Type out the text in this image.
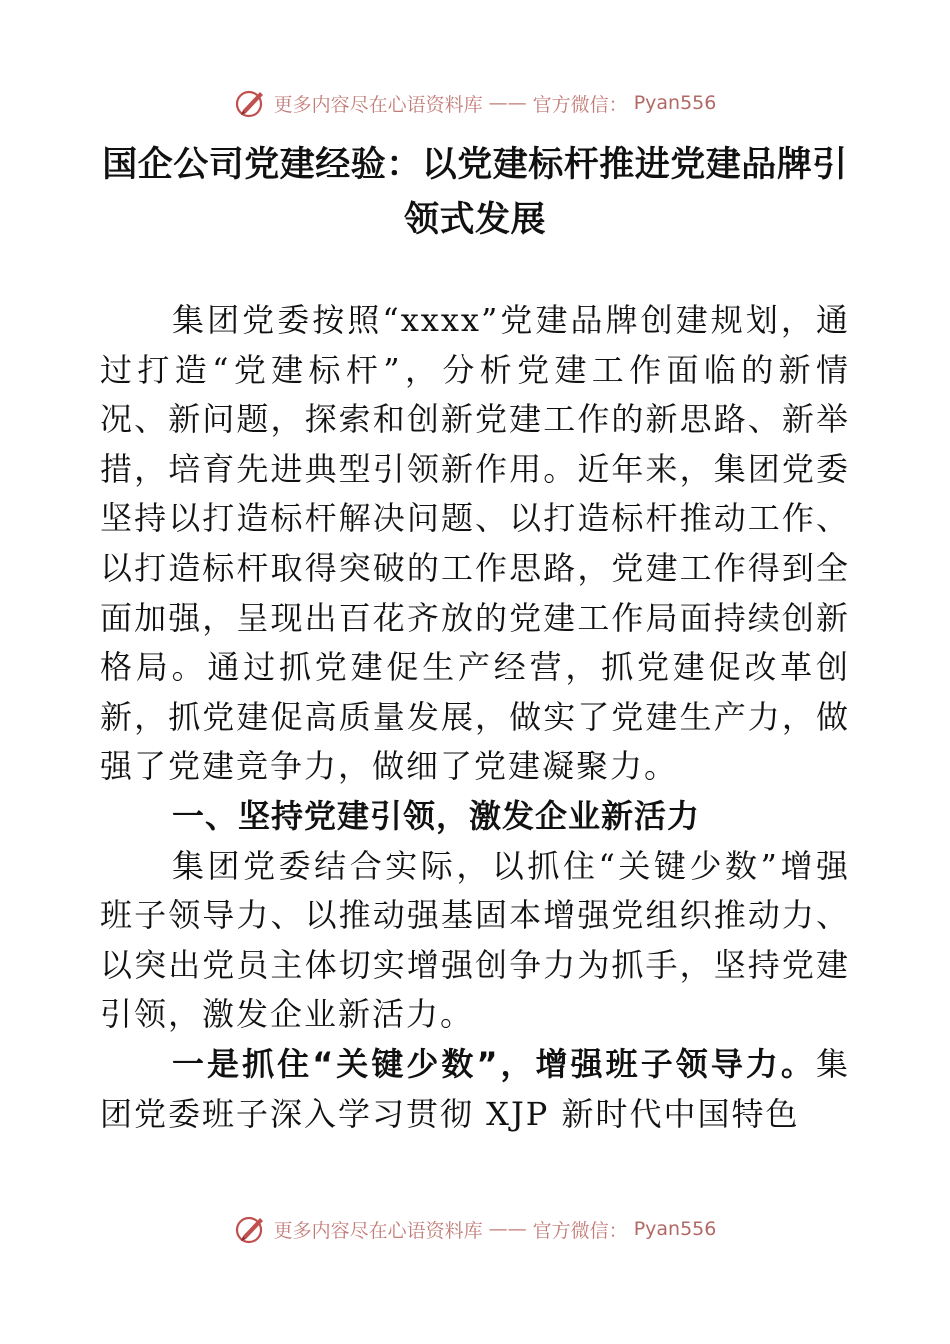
更多内容尽在心语资料库 —— 官方微信： Pyan556
国企公司党建经验：以党建标杆推进党建品牌引领式发展

集团党委按照“xxxx”党建品牌创建规划，通过打造“党建标杆”，分析党建工作面临的新情况、新问题，探索和创新党建工作的新思路、新举措，培育先进典型引领新作用。近年来，集团党委坚持以打造标杆解决问题、以打造标杆推动工作、以打造标杆取得突破的工作思路，党建工作得到全面加强，呈现出百花齐放的党建工作局面持续创新格局。通过抓党建促生产经营，抓党建促改革创新，抓党建促高质量发展，做实了党建生产力，做强了党建竞争力，做细了党建凝聚力。

一、坚持党建引领，激发企业新活力

集团党委结合实际，以抓住“关键少数”增强班子领导力、以推动强基固本增强党组织推动力、以突出党员主体切实增强创争力为抓手，坚持党建引领，激发企业新活力。

一是抓住“关键少数”，增强班子领导力。集团党委班子深入学习贯彻 XJP 新时代中国特色

更多内容尽在心语资料库 —— 官方微信： Pyan556
